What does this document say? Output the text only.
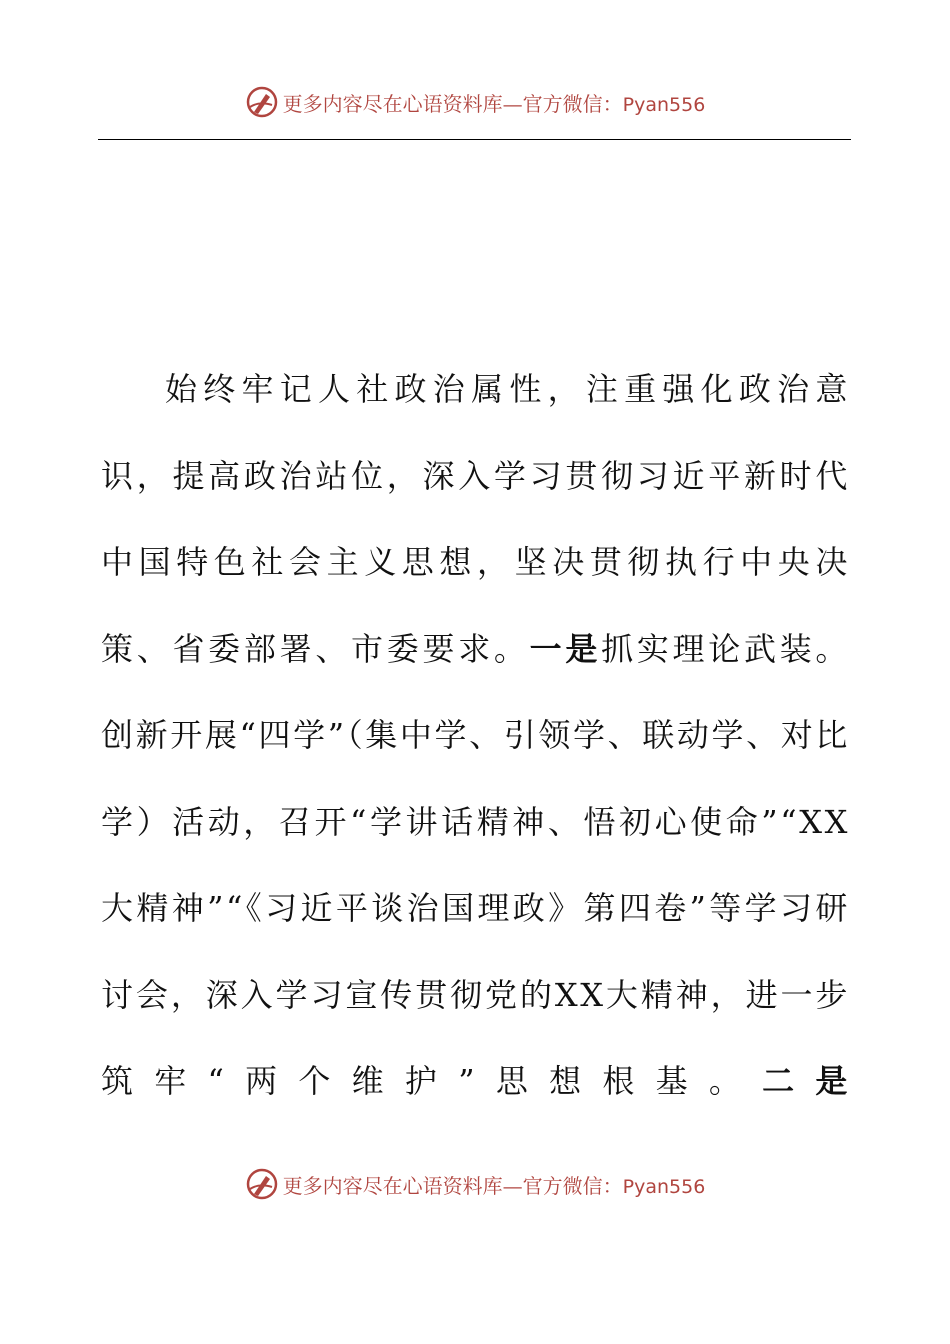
更多内容尽在心语资料库—官方微信：Pyan556

始终牢记人社政治属性，注重强化政治意识，提高政治站位，深入学习贯彻习近平新时代中国特色社会主义思想，坚决贯彻执行中央决策、省委部署、市委要求。一是抓实理论武装。创新开展“四学”（集中学、引领学、联动学、对比学）活动，召开“学讲话精神、悟初心使命”“XX大精神”“《习近平谈治国理政》第四卷”等学习研讨会，深入学习宣传贯彻党的XX大精神，进一步筑牢“两个维护”思想根基。二是

更多内容尽在心语资料库—官方微信：Pyan556
